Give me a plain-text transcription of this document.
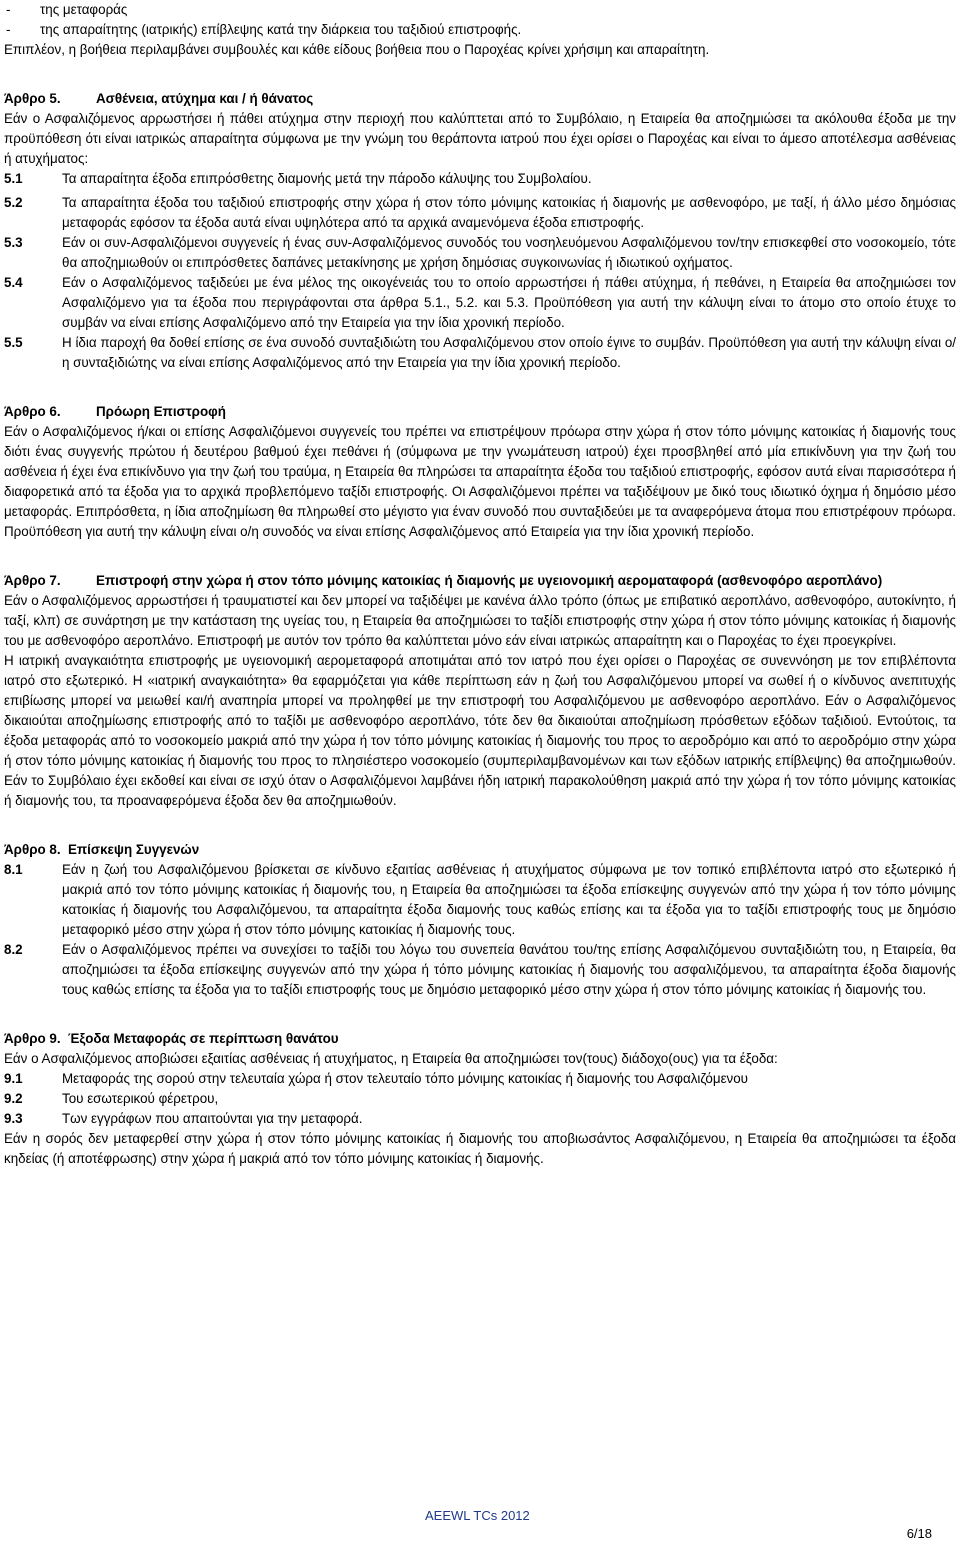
- της μεταφοράς

- της απαραίτητης (ιατρικής) επίβλεψης κατά την διάρκεια του ταξιδιού επιστροφής.

Επιπλέον, η βοήθεια περιλαμβάνει συμβουλές και κάθε είδους βοήθεια που ο Παροχέας κρίνει χρήσιμη και απαραίτητη.

Άρθρο 5.	Ασθένεια, ατύχημα και / ή θάνατος

Εάν ο Ασφαλιζόμενος αρρωστήσει ή πάθει ατύχημα στην περιοχή που καλύπτεται από το Συμβόλαιο, η Εταιρεία θα αποζημιώσει τα ακόλουθα έξοδα με την προϋπόθεση ότι είναι ιατρικώς απαραίτητα σύμφωνα με την γνώμη του θεράποντα ιατρού που έχει ορίσει ο Παροχέας και είναι το άμεσο αποτέλεσμα ασθένειας ή ατυχήματος:

5.1	Τα απαραίτητα έξοδα επιπρόσθετης διαμονής μετά την πάροδο κάλυψης του Συμβολαίου.

5.2	Τα απαραίτητα έξοδα του ταξιδιού επιστροφής στην χώρα ή στον τόπο μόνιμης κατοικίας ή διαμονής με ασθενοφόρο, με ταξί, ή άλλο μέσο δημόσιας μεταφοράς εφόσον τα έξοδα αυτά είναι υψηλότερα από τα αρχικά αναμενόμενα έξοδα επιστροφής.

5.3	Εάν οι συν-Ασφαλιζόμενοι συγγενείς ή ένας συν-Ασφαλιζόμενος συνοδός του νοσηλευόμενου Ασφαλιζόμενου τον/την επισκεφθεί στο νοσοκομείο, τότε θα αποζημιωθούν οι επιπρόσθετες δαπάνες μετακίνησης με χρήση δημόσιας συγκοινωνίας ή ιδιωτικού οχήματος.

5.4	Εάν ο Ασφαλιζόμενος ταξιδεύει με ένα μέλος της οικογένειάς του το οποίο αρρωστήσει ή πάθει ατύχημα, ή πεθάνει, η Εταιρεία θα αποζημιώσει τον Ασφαλιζόμενο για τα έξοδα που περιγράφονται στα άρθρα 5.1., 5.2. και 5.3. Προϋπόθεση για αυτή την κάλυψη είναι το άτομο στο οποίο έτυχε το συμβάν να είναι επίσης Ασφαλιζόμενο από την Εταιρεία για την ίδια χρονική περίοδο.

5.5	Η ίδια παροχή θα δοθεί επίσης σε ένα συνοδό συνταξιδιώτη του Ασφαλιζόμενου στον οποίο έγινε το συμβάν. Προϋπόθεση για αυτή την κάλυψη είναι ο/η συνταξιδιώτης να είναι επίσης Ασφαλιζόμενος από την Εταιρεία για την ίδια χρονική περίοδο.

Άρθρο 6.	Πρόωρη Επιστροφή

Εάν ο Ασφαλιζόμενος ή/και οι επίσης Ασφαλιζόμενοι συγγενείς του πρέπει να επιστρέψουν πρόωρα στην χώρα ή στον τόπο μόνιμης κατοικίας ή διαμονής τους διότι ένας συγγενής πρώτου ή δευτέρου βαθμού έχει πεθάνει ή (σύμφωνα με την γνωμάτευση ιατρού) έχει προσβληθεί από μία επικίνδυνη για την ζωή του ασθένεια ή έχει ένα επικίνδυνο για την ζωή του τραύμα, η Εταιρεία θα πληρώσει τα απαραίτητα έξοδα του ταξιδιού επιστροφής, εφόσον αυτά είναι παρισσότερα ή διαφορετικά από τα έξοδα για το αρχικά προβλεπόμενο ταξίδι επιστροφής. Οι Ασφαλιζόμενοι πρέπει να ταξιδέψουν με δικό τους ιδιωτικό όχημα ή δημόσιο μέσο μεταφοράς. Επιπρόσθετα, η ίδια αποζημίωση θα πληρωθεί στο μέγιστο για έναν συνοδό που συνταξιδεύει με τα αναφερόμενα άτομα που επιστρέφουν πρόωρα. Προϋπόθεση για αυτή την κάλυψη είναι ο/η συνοδός να είναι επίσης Ασφαλιζόμενος από Εταιρεία για την ίδια χρονική περίοδο.

Άρθρο 7.	Επιστροφή στην χώρα ή στον τόπο μόνιμης κατοικίας ή διαμονής με υγειονομική αεροματαφορά (ασθενοφόρο αεροπλάνο)

Εάν ο Ασφαλιζόμενος αρρωστήσει ή τραυματιστεί και δεν μπορεί να ταξιδέψει με κανένα άλλο τρόπο (όπως με επιβατικό αεροπλάνο, ασθενοφόρο, αυτοκίνητο, ή ταξί, κλπ) σε συνάρτηση με την κατάσταση της υγείας του, η Εταιρεία θα αποζημιώσει το ταξίδι επιστροφής στην χώρα ή στον τόπο μόνιμης κατοικίας ή διαμονής του με ασθενοφόρο αεροπλάνο. Επιστροφή με αυτόν τον τρόπο θα καλύπτεται μόνο εάν είναι ιατρικώς απαραίτητη και ο Παροχέας το έχει προεγκρίνει.

Η ιατρική αναγκαιότητα επιστροφής με υγειονομική αερομεταφορά αποτιμάται από τον ιατρό που έχει ορίσει ο Παροχέας σε συνεννόηση με τον επιβλέποντα ιατρό στο εξωτερικό. Η «ιατρική αναγκαιότητα» θα εφαρμόζεται για κάθε περίπτωση εάν η ζωή του Ασφαλιζόμενου μπορεί να σωθεί ή ο κίνδυνος ανεπιτυχής επιβίωσης μπορεί να μειωθεί και/ή αναπηρία μπορεί να προληφθεί με την επιστροφή του Ασφαλιζόμενου με ασθενοφόρο αεροπλάνο. Εάν ο Ασφαλιζόμενος δικαιούται αποζημίωσης επιστροφής από το ταξίδι με ασθενοφόρο αεροπλάνο, τότε δεν θα δικαιούται αποζημίωση πρόσθετων εξόδων ταξιδιού. Εντούτοις, τα έξοδα μεταφοράς από το νοσοκομείο μακριά από την χώρα ή τον τόπο μόνιμης κατοικίας ή διαμονής του προς το αεροδρόμιο και από το αεροδρόμιο στην χώρα ή στον τόπο μόνιμης κατοικίας ή διαμονής του προς το πλησιέστερο νοσοκομείο (συμπεριλαμβανομένων και των εξόδων ιατρικής επίβλεψης) θα αποζημιωθούν. Εάν το Συμβόλαιο έχει εκδοθεί και είναι σε ισχύ όταν ο Ασφαλιζόμενοι λαμβάνει ήδη ιατρική παρακολούθηση μακριά από την χώρα ή τον τόπο μόνιμης κατοικίας ή διαμονής του, τα προαναφερόμενα έξοδα δεν θα αποζημιωθούν.

Άρθρο 8. Επίσκεψη Συγγενών

8.1	Εάν η ζωή του Ασφαλιζόμενου βρίσκεται σε κίνδυνο εξαιτίας ασθένειας ή ατυχήματος σύμφωνα με τον τοπικό επιβλέποντα ιατρό στο εξωτερικό ή μακριά από τον τόπο μόνιμης κατοικίας ή διαμονής του, η Εταιρεία θα αποζημιώσει τα έξοδα επίσκεψης συγγενών από την χώρα ή τον τόπο μόνιμης κατοικίας ή διαμονής του Ασφαλιζόμενου, τα απαραίτητα έξοδα διαμονής τους καθώς επίσης και τα έξοδα για το ταξίδι επιστροφής τους με δημόσιο μεταφορικό μέσο στην χώρα ή στον τόπο μόνιμης κατοικίας ή διαμονής τους.

8.2	Εάν ο Ασφαλιζόμενος πρέπει να συνεχίσει το ταξίδι του λόγω του συνεπεία θανάτου του/της επίσης Ασφαλιζόμενου συνταξιδιώτη του, η Εταιρεία, θα αποζημιώσει τα έξοδα επίσκεψης συγγενών από την χώρα ή τόπο μόνιμης κατοικίας ή διαμονής του ασφαλιζόμενου, τα απαραίτητα έξοδα διαμονής τους καθώς επίσης τα έξοδα για το ταξίδι επιστροφής τους με δημόσιο μεταφορικό μέσο στην χώρα ή στον τόπο μόνιμης κατοικίας ή διαμονής του.

Άρθρο 9. Έξοδα Μεταφοράς σε περίπτωση θανάτου

Εάν ο Ασφαλιζόμενος αποβιώσει εξαιτίας ασθένειας ή ατυχήματος, η Εταιρεία θα αποζημιώσει τον(τους) διάδοχο(ους) για τα έξοδα:

9.1	Μεταφοράς της σορού στην τελευταία χώρα ή στον τελευταίο τόπο μόνιμης κατοικίας ή διαμονής του Ασφαλιζόμενου

9.2	Του εσωτερικού φέρετρου,

9.3	Των εγγράφων που απαιτούνται για την μεταφορά.

Εάν η σορός δεν μεταφερθεί στην χώρα ή στον τόπο μόνιμης κατοικίας ή διαμονής του αποβιωσάντος Ασφαλιζόμενου, η Εταιρεία θα αποζημιώσει τα έξοδα κηδείας (ή αποτέφρωσης) στην χώρα ή μακριά από τον τόπο μόνιμης κατοικίας ή διαμονής.

AEEWL TCs 2012
6/18
